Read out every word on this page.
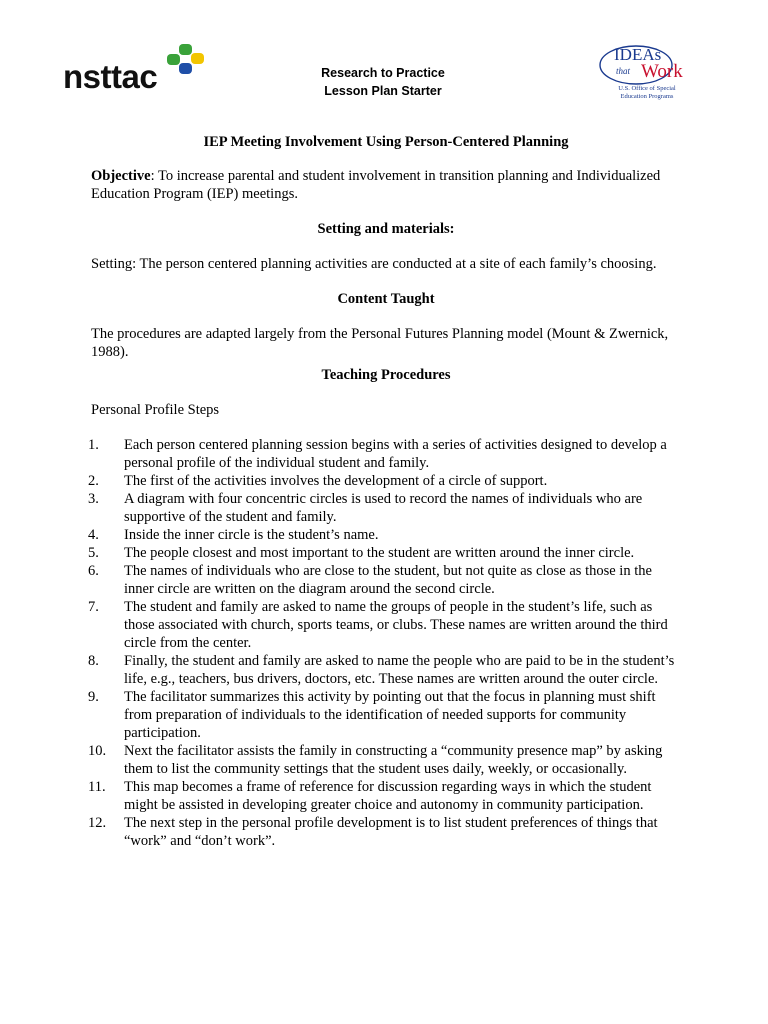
nsttac	Research to Practice
Lesson Plan Starter
IDEAs
that Work
U.S. Office of Special
Education Programs
IEP Meeting Involvement Using Person-Centered Planning
Objective: To increase parental and student involvement in transition planning and Individualized Education Program (IEP) meetings.
Setting and materials:
Setting: The person centered planning activities are conducted at a site of each family’s choosing.
Content Taught
The procedures are adapted largely from the Personal Futures Planning model (Mount & Zwernick, 1988).
Teaching Procedures
Personal Profile Steps
1.	Each person centered planning session begins with a series of activities designed to develop a personal profile of the individual student and family.
2.	The first of the activities involves the development of a circle of support.
3.	A diagram with four concentric circles is used to record the names of individuals who are supportive of the student and family.
4.	Inside the inner circle is the student’s name.
5.	The people closest and most important to the student are written around the inner circle.
6.	The names of individuals who are close to the student, but not quite as close as those in the inner circle are written on the diagram around the second circle.
7.	The student and family are asked to name the groups of people in the student’s life, such as those associated with church, sports teams, or clubs. These names are written around the third circle from the center.
8.	Finally, the student and family are asked to name the people who are paid to be in the student’s life, e.g., teachers, bus drivers, doctors, etc. These names are written around the outer circle.
9.	The facilitator summarizes this activity by pointing out that the focus in planning must shift from preparation of individuals to the identification of needed supports for community participation.
10.	Next the facilitator assists the family in constructing a “community presence map” by asking them to list the community settings that the student uses daily, weekly, or occasionally.
11.	This map becomes a frame of reference for discussion regarding ways in which the student might be assisted in developing greater choice and autonomy in community participation.
12.	The next step in the personal profile development is to list student preferences of things that “work” and “don’t work”.
